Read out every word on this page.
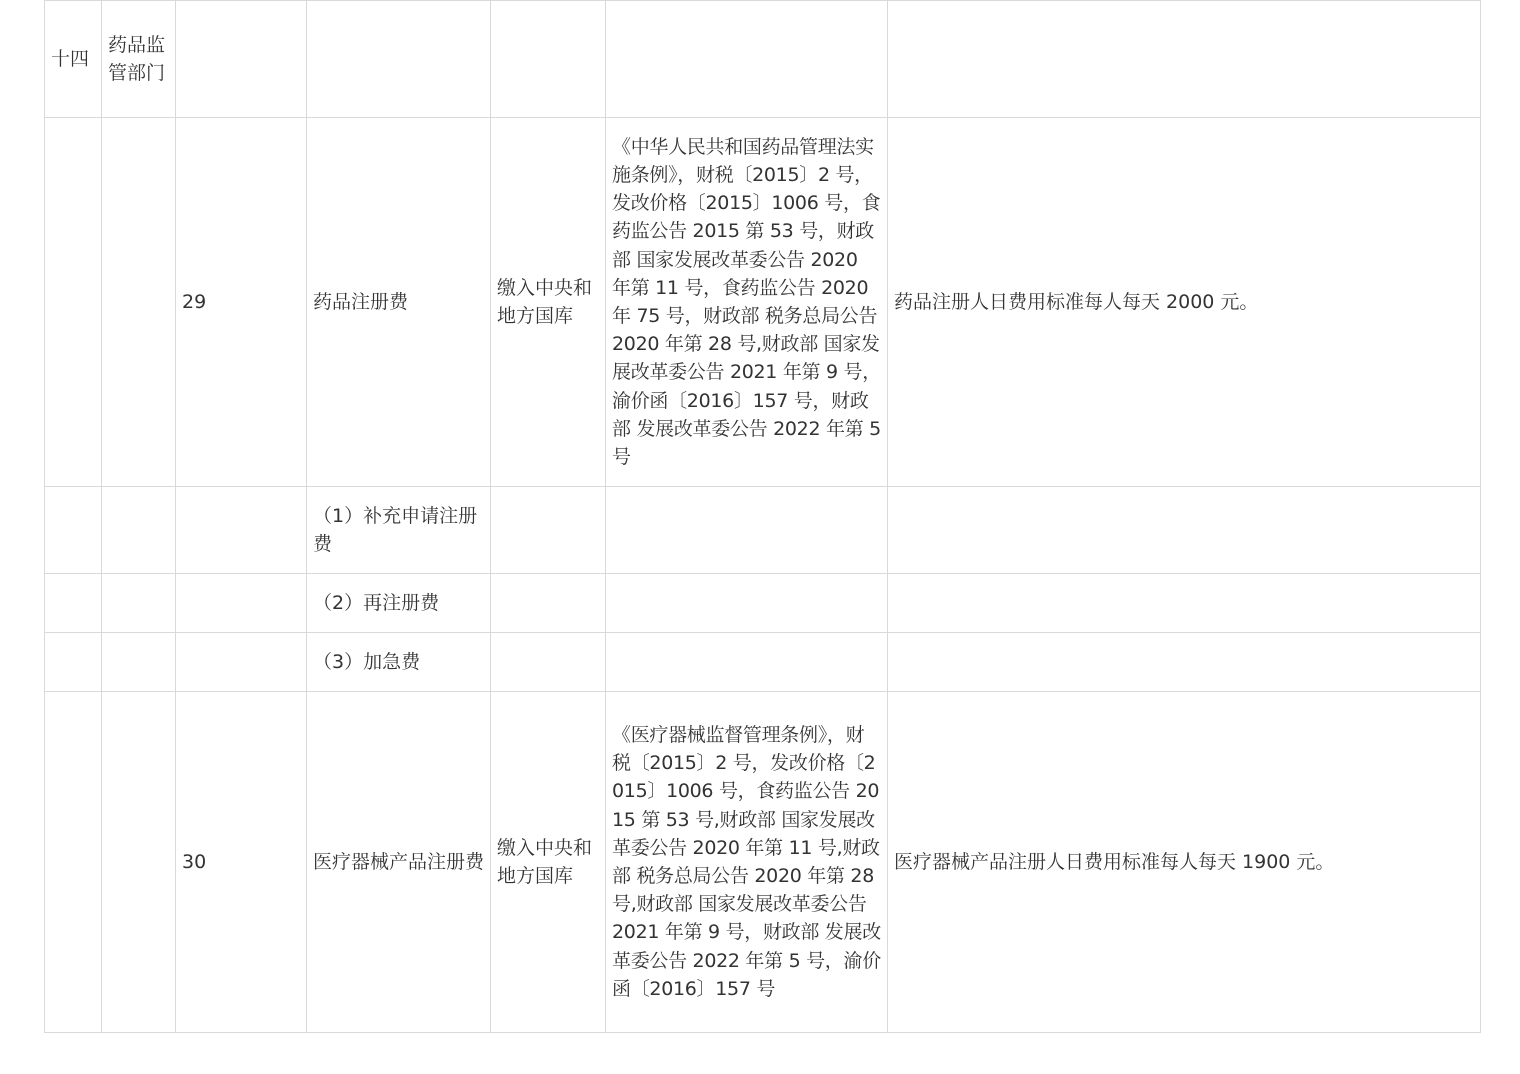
十四	药品监管部门					
		29	药品注册费	缴入中央和地方国库	《中华人民共和国药品管理法实施条例》，财税〔2015〕2 号，发改价格〔2015〕1006 号，食药监公告 2015 第 53 号，财政部 国家发展改革委公告 2020 年第 11 号，食药监公告 2020 年 75 号，财政部 税务总局公告 2020 年第 28 号,财政部 国家发展改革委公告 2021 年第 9 号，渝价函〔2016〕157 号，财政部 发展改革委公告 2022 年第 5 号	药品注册人日费用标准每人每天 2000 元。
			（1）补充申请注册费			
			（2）再注册费			
			（3）加急费			
		30	医疗器械产品注册费	缴入中央和地方国库	《医疗器械监督管理条例》，财税〔2015〕2 号，发改价格〔2015〕1006 号，食药监公告 2015 第 53 号,财政部 国家发展改革委公告 2020 年第 11 号,财政部 税务总局公告 2020 年第 28 号,财政部 国家发展改革委公告 2021 年第 9 号，财政部 发展改革委公告 2022 年第 5 号，渝价函〔2016〕157 号	医疗器械产品注册人日费用标准每人每天 1900 元。
